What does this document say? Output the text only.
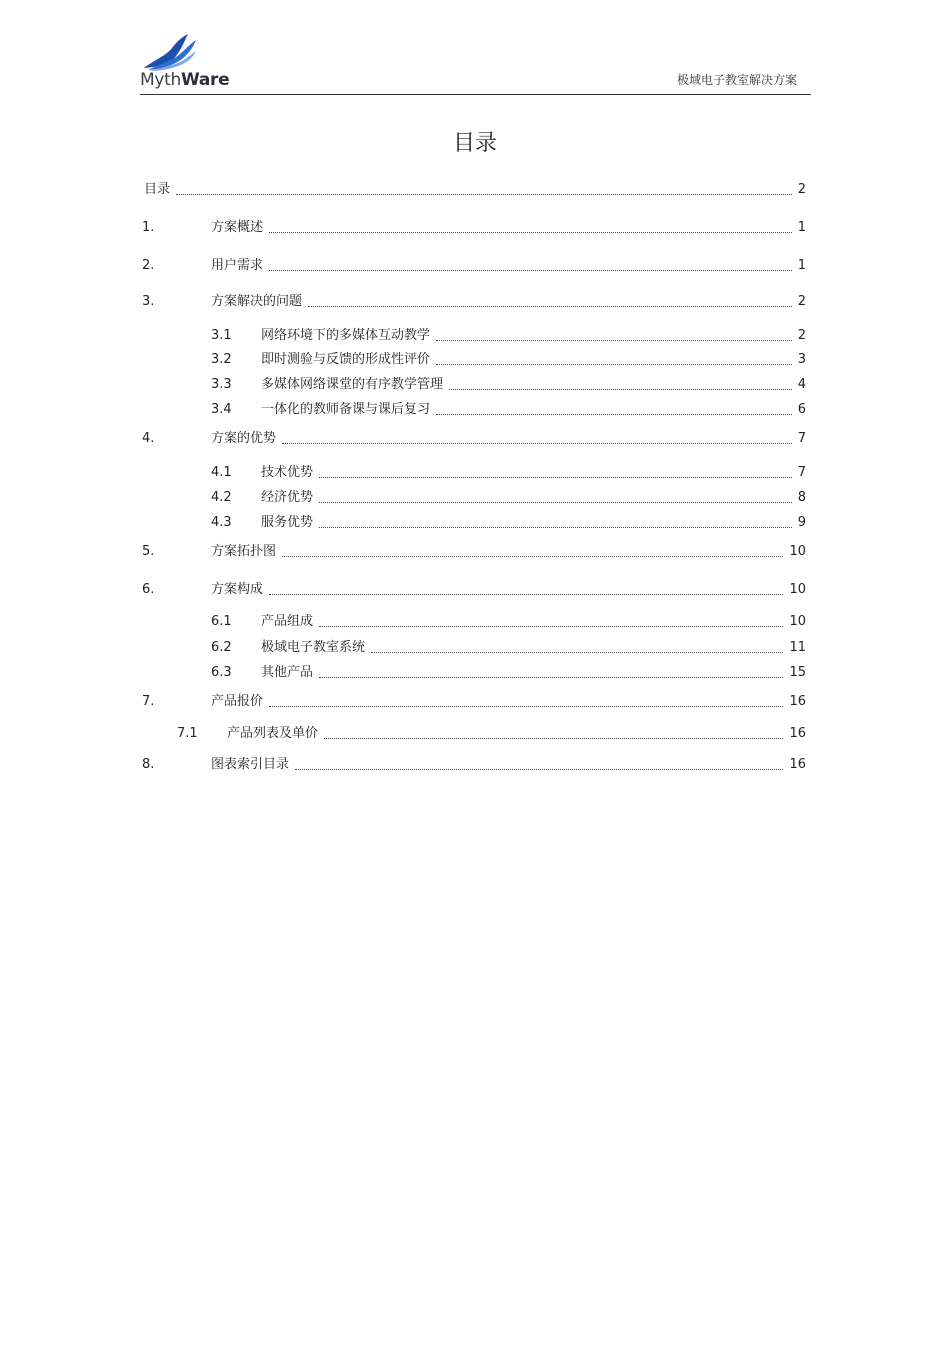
MythWare	极域电子教室解决方案
目录
目录	2
1.	方案概述	1
2.	用户需求	1
3.	方案解决的问题	2
3.1	网络环境下的多媒体互动教学	2
3.2	即时测验与反馈的形成性评价	3
3.3	多媒体网络课堂的有序教学管理	4
3.4	一体化的教师备课与课后复习	6
4.	方案的优势	7
4.1	技术优势	7
4.2	经济优势	8
4.3	服务优势	9
5.	方案拓扑图	10
6.	方案构成	10
6.1	产品组成	10
6.2	极域电子教室系统	11
6.3	其他产品	15
7.	产品报价	16
7.1	产品列表及单价	16
8.	图表索引目录	16
